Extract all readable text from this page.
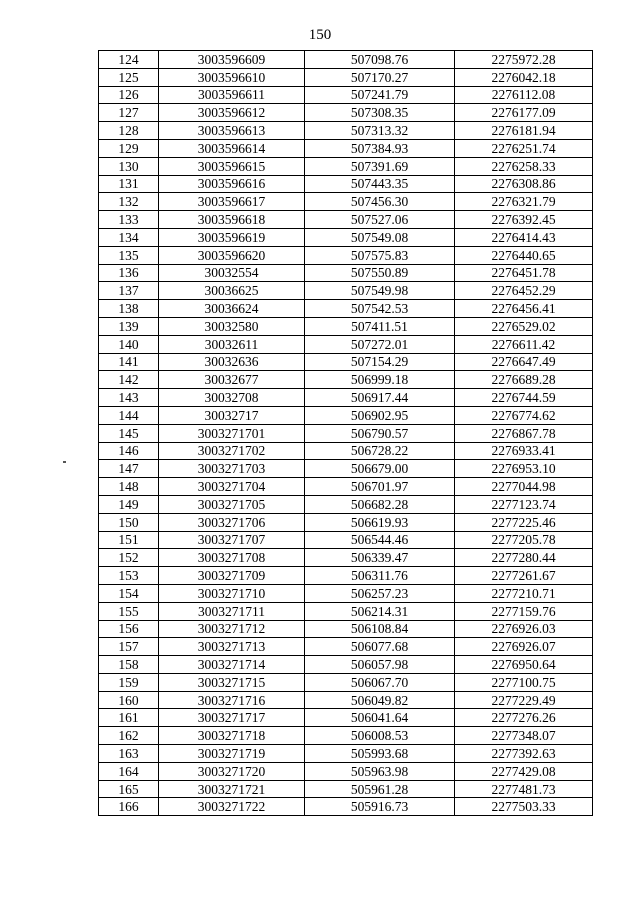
150
124	3003596609	507098.76	2275972.28
125	3003596610	507170.27	2276042.18
126	3003596611	507241.79	2276112.08
127	3003596612	507308.35	2276177.09
128	3003596613	507313.32	2276181.94
129	3003596614	507384.93	2276251.74
130	3003596615	507391.69	2276258.33
131	3003596616	507443.35	2276308.86
132	3003596617	507456.30	2276321.79
133	3003596618	507527.06	2276392.45
134	3003596619	507549.08	2276414.43
135	3003596620	507575.83	2276440.65
136	30032554	507550.89	2276451.78
137	30036625	507549.98	2276452.29
138	30036624	507542.53	2276456.41
139	30032580	507411.51	2276529.02
140	30032611	507272.01	2276611.42
141	30032636	507154.29	2276647.49
142	30032677	506999.18	2276689.28
143	30032708	506917.44	2276744.59
144	30032717	506902.95	2276774.62
145	3003271701	506790.57	2276867.78
146	3003271702	506728.22	2276933.41
147	3003271703	506679.00	2276953.10
148	3003271704	506701.97	2277044.98
149	3003271705	506682.28	2277123.74
150	3003271706	506619.93	2277225.46
151	3003271707	506544.46	2277205.78
152	3003271708	506339.47	2277280.44
153	3003271709	506311.76	2277261.67
154	3003271710	506257.23	2277210.71
155	3003271711	506214.31	2277159.76
156	3003271712	506108.84	2276926.03
157	3003271713	506077.68	2276926.07
158	3003271714	506057.98	2276950.64
159	3003271715	506067.70	2277100.75
160	3003271716	506049.82	2277229.49
161	3003271717	506041.64	2277276.26
162	3003271718	506008.53	2277348.07
163	3003271719	505993.68	2277392.63
164	3003271720	505963.98	2277429.08
165	3003271721	505961.28	2277481.73
166	3003271722	505916.73	2277503.33
